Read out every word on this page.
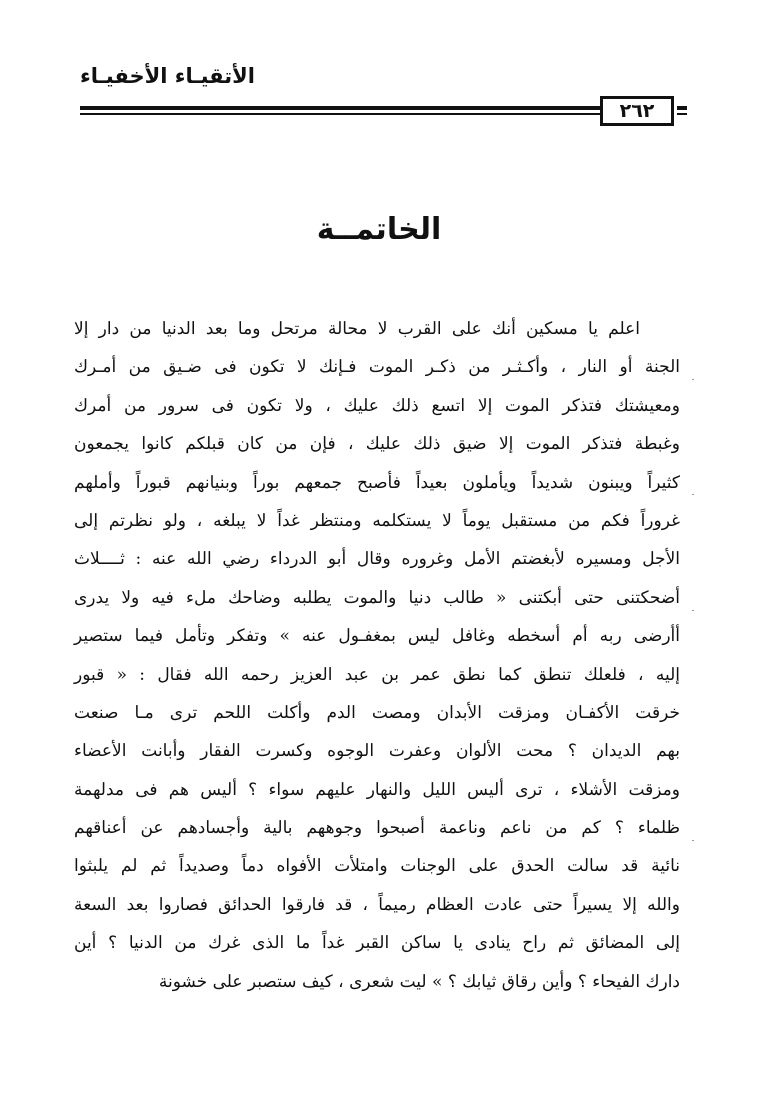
الأتقيـاء الأخفيـاء
٢٦٢
الخاتمــة
اعلم يا مسكين أنك على القرب لا محالة مرتحل وما بعد الدنيا من دار إلا
الجنة أو النار ، وأكـثـر من ذكـر الموت فـإنك لا تكون فى ضـيق من أمـرك
ومعيشتك فتذكر الموت إلا اتسع ذلك عليك ، ولا تكون فى سرور من أمرك
وغبطة فتذكر الموت إلا ضيق ذلك عليك ، فإن من كان قبلكم كانوا يجمعون
كثيراً ويبنون شديداً ويأملون بعيداً فأصبح جمعهم بوراً وبنيانهم قبوراً وأملهم
غروراً فكم من مستقبل يوماً لا يستكلمه ومنتظر غداً لا يبلغه ، ولو نظرتم إلى
الأجل ومسيره لأبغضتم الأمل وغروره وقال أبو الدرداء رضي الله عنه : ثــــلاث
أضحكتنى حتى أبكتنى « طالب دنيا والموت يطلبه وضاحك ملء فيه ولا يدرى
أأرضى ربه أم أسخطه وغافل ليس بمغفـول عنه » وتفكر وتأمل فيما ستصير
إليه ، فلعلك تنطق كما نطق عمر بن عبد العزيز رحمه الله فقال : « قبور
خرقت الأكفـان ومزقت الأبدان ومصت الدم وأكلت اللحم ترى مـا صنعت
بهم الديدان ؟ محت الألوان وعفرت الوجوه وكسرت الفقار وأبانت الأعضاء
ومزقت الأشلاء ، ترى أليس الليل والنهار عليهم سواء ؟ أليس هم فى مدلهمة
ظلماء ؟ كم من ناعم وناعمة أصبحوا وجوههم بالية وأجسادهم عن أعناقهم
نائية قد سالت الحدق على الوجنات وامتلأت الأفواه دماً وصديداً ثم لم يلبثوا
والله إلا يسيراً حتى عادت العظام رميماً ، قد فارقوا الحدائق فصاروا بعد السعة
إلى المضائق ثم راح ينادى يا ساكن القبر غداً ما الذى غرك من الدنيا ؟ أين
دارك الفيحاء ؟ وأين رقاق ثيابك ؟ » ليت شعرى ، كيف ستصبر على خشونة
